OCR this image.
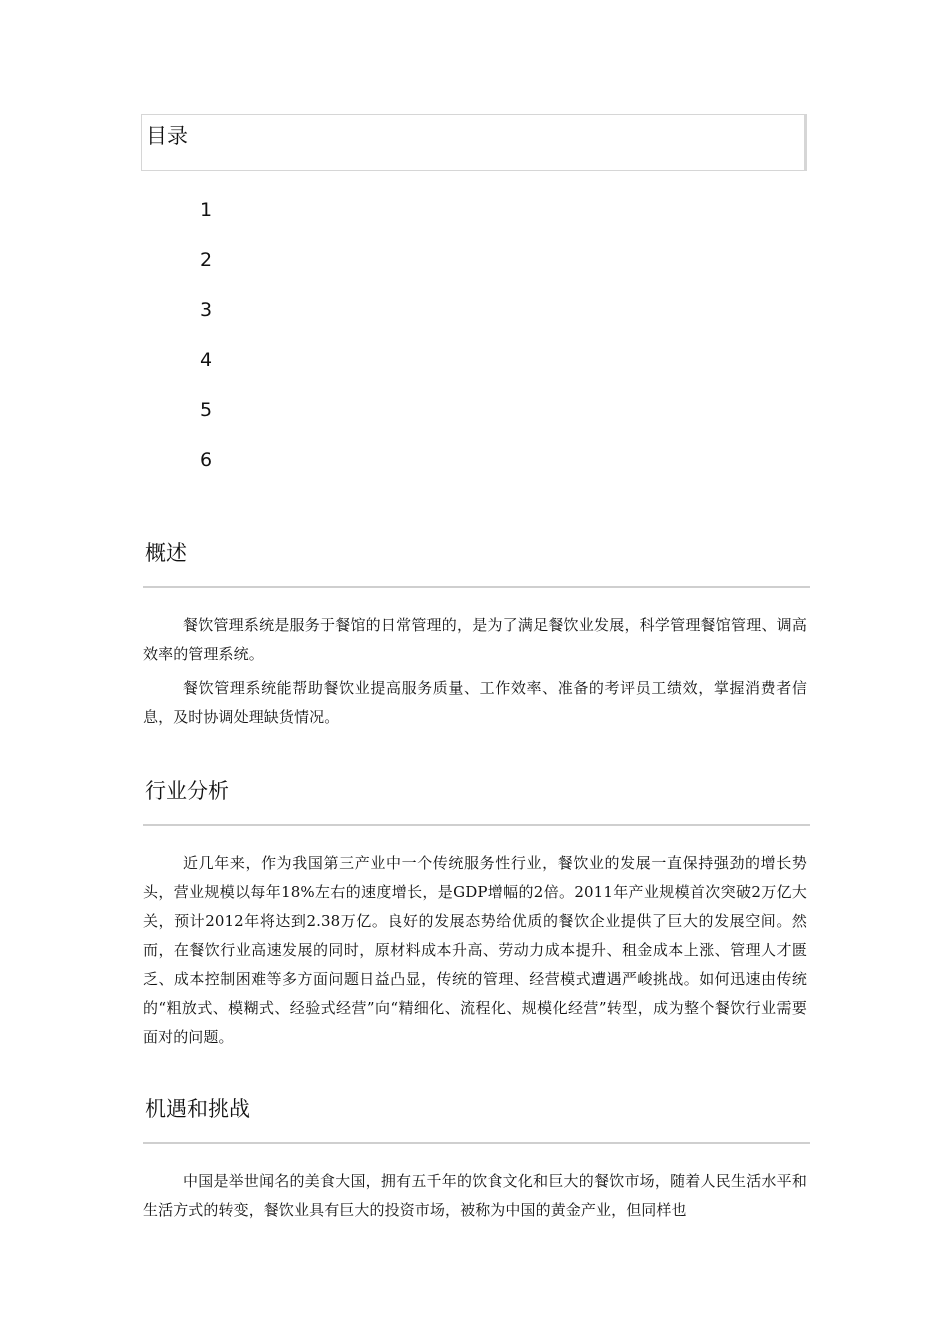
目录
1
2
3
4
5
6
概述

餐饮管理系统是服务于餐馆的日常管理的，是为了满足餐饮业发展，科学管理餐馆管理、调高效率的管理系统。

餐饮管理系统能帮助餐饮业提高服务质量、工作效率、准备的考评员工绩效，掌握消费者信息，及时协调处理缺货情况。

行业分析

近几年来，作为我国第三产业中一个传统服务性行业，餐饮业的发展一直保持强劲的增长势头，营业规模以每年18%左右的速度增长，是GDP增幅的2倍。2011年产业规模首次突破2万亿大关，预计2012年将达到2.38万亿。良好的发展态势给优质的餐饮企业提供了巨大的发展空间。然而，在餐饮行业高速发展的同时，原材料成本升高、劳动力成本提升、租金成本上涨、管理人才匮乏、成本控制困难等多方面问题日益凸显，传统的管理、经营模式遭遇严峻挑战。如何迅速由传统的“粗放式、模糊式、经验式经营”向“精细化、流程化、规模化经营”转型，成为整个餐饮行业需要面对的问题。

机遇和挑战

中国是举世闻名的美食大国，拥有五千年的饮食文化和巨大的餐饮市场，随着人民生活水平和生活方式的转变，餐饮业具有巨大的投资市场，被称为中国的黄金产业，但同样也
